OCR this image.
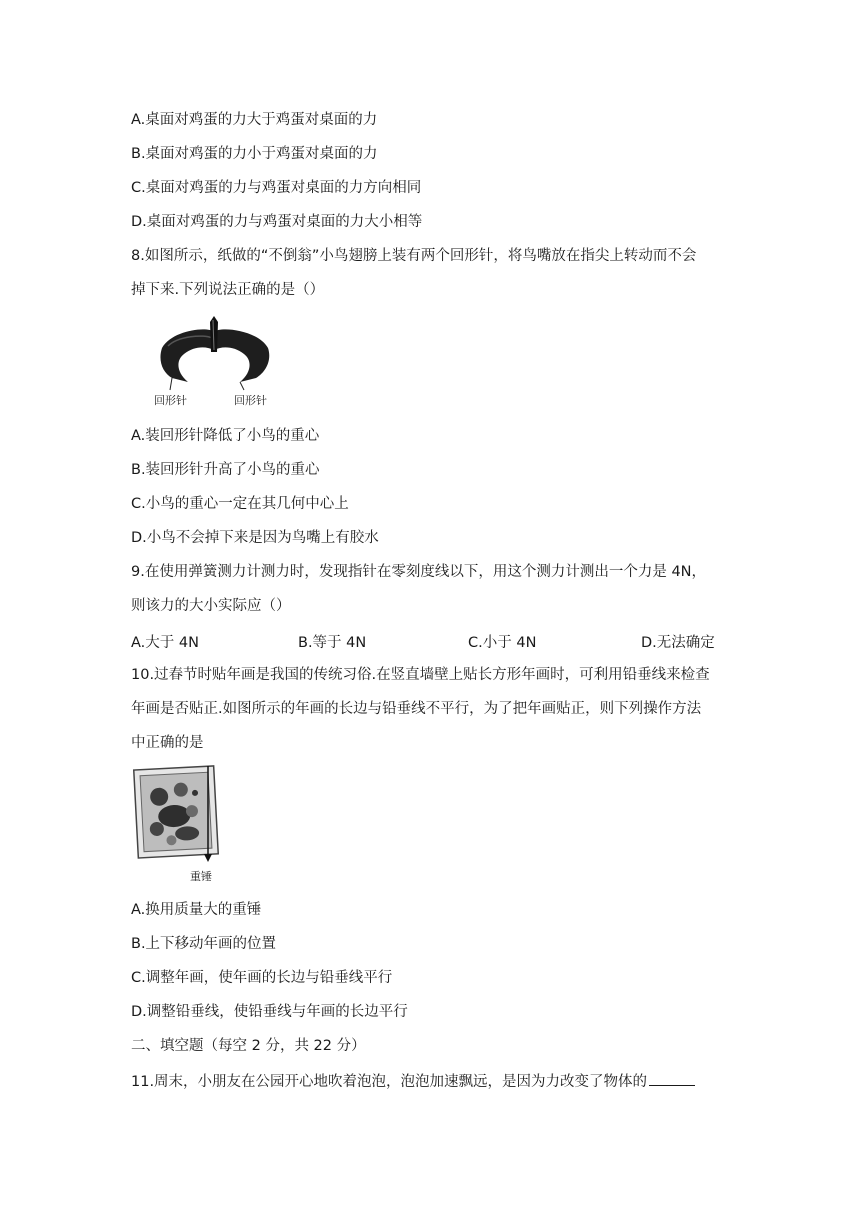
A.桌面对鸡蛋的力大于鸡蛋对桌面的力
B.桌面对鸡蛋的力小于鸡蛋对桌面的力
C.桌面对鸡蛋的力与鸡蛋对桌面的力方向相同
D.桌面对鸡蛋的力与鸡蛋对桌面的力大小相等
8.如图所示，纸做的“不倒翁”小鸟翅膀上装有两个回形针，将鸟嘴放在指尖上转动而不会
掉下来.下列说法正确的是（）
回形针	回形针
A.装回形针降低了小鸟的重心
B.装回形针升高了小鸟的重心
C.小鸟的重心一定在其几何中心上
D.小鸟不会掉下来是因为鸟嘴上有胶水
9.在使用弹簧测力计测力时，发现指针在零刻度线以下，用这个测力计测出一个力是 4N，
则该力的大小实际应（）
A.大于 4N	B.等于 4N	C.小于 4N	D.无法确定
10.过春节时贴年画是我国的传统习俗.在竖直墙壁上贴长方形年画时，可利用铅垂线来检查
年画是否贴正.如图所示的年画的长边与铅垂线不平行，为了把年画贴正，则下列操作方法
中正确的是
重锤
A.换用质量大的重锤
B.上下移动年画的位置
C.调整年画，使年画的长边与铅垂线平行
D.调整铅垂线，使铅垂线与年画的长边平行
二、填空题（每空 2 分，共 22 分）
11.周末，小朋友在公园开心地吹着泡泡，泡泡加速飘远，是因为力改变了物体的
